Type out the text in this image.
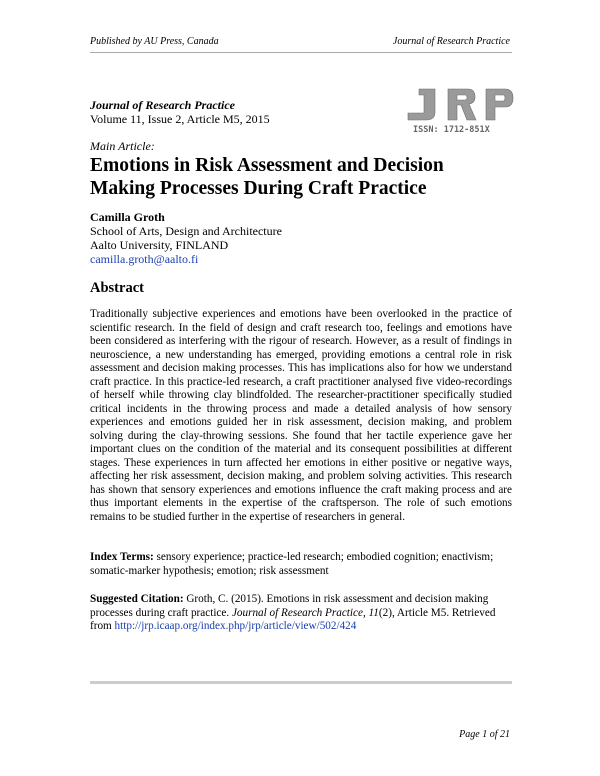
Published by AU Press, Canada	Journal of Research Practice
Journal of Research Practice
Volume 11, Issue 2, Article M5, 2015
ISSN: 1712-851X
Main Article:
Emotions in Risk Assessment and Decision
Making Processes During Craft Practice
Camilla Groth
School of Arts, Design and Architecture
Aalto University, FINLAND
camilla.groth@aalto.fi
Abstract

Traditionally subjective experiences and emotions have been overlooked in the practice of scientific research. In the field of design and craft research too, feelings and emotions have been considered as interfering with the rigour of research. However, as a result of findings in neuroscience, a new understanding has emerged, providing emotions a central role in risk assessment and decision making processes. This has implications also for how we understand craft practice. In this practice-led research, a craft practitioner analysed five video-recordings of herself while throwing clay blindfolded. The researcher-practitioner specifically studied critical incidents in the throwing process and made a detailed analysis of how sensory experiences and emotions guided her in risk assessment, decision making, and problem solving during the clay-throwing sessions. She found that her tactile experience gave her important clues on the condition of the material and its consequent possibilities at different stages. These experiences in turn affected her emotions in either positive or negative ways, affecting her risk assessment, decision making, and problem solving activities. This research has shown that sensory experiences and emotions influence the craft making process and are thus important elements in the expertise of the craftsperson. The role of such emotions remains to be studied further in the expertise of researchers in general.

Index Terms: sensory experience; practice-led research; embodied cognition; enactivism; somatic-marker hypothesis; emotion; risk assessment

Suggested Citation: Groth, C. (2015). Emotions in risk assessment and decision making processes during craft practice. Journal of Research Practice, 11(2), Article M5. Retrieved from http://jrp.icaap.org/index.php/jrp/article/view/502/424

Page 1 of 21
